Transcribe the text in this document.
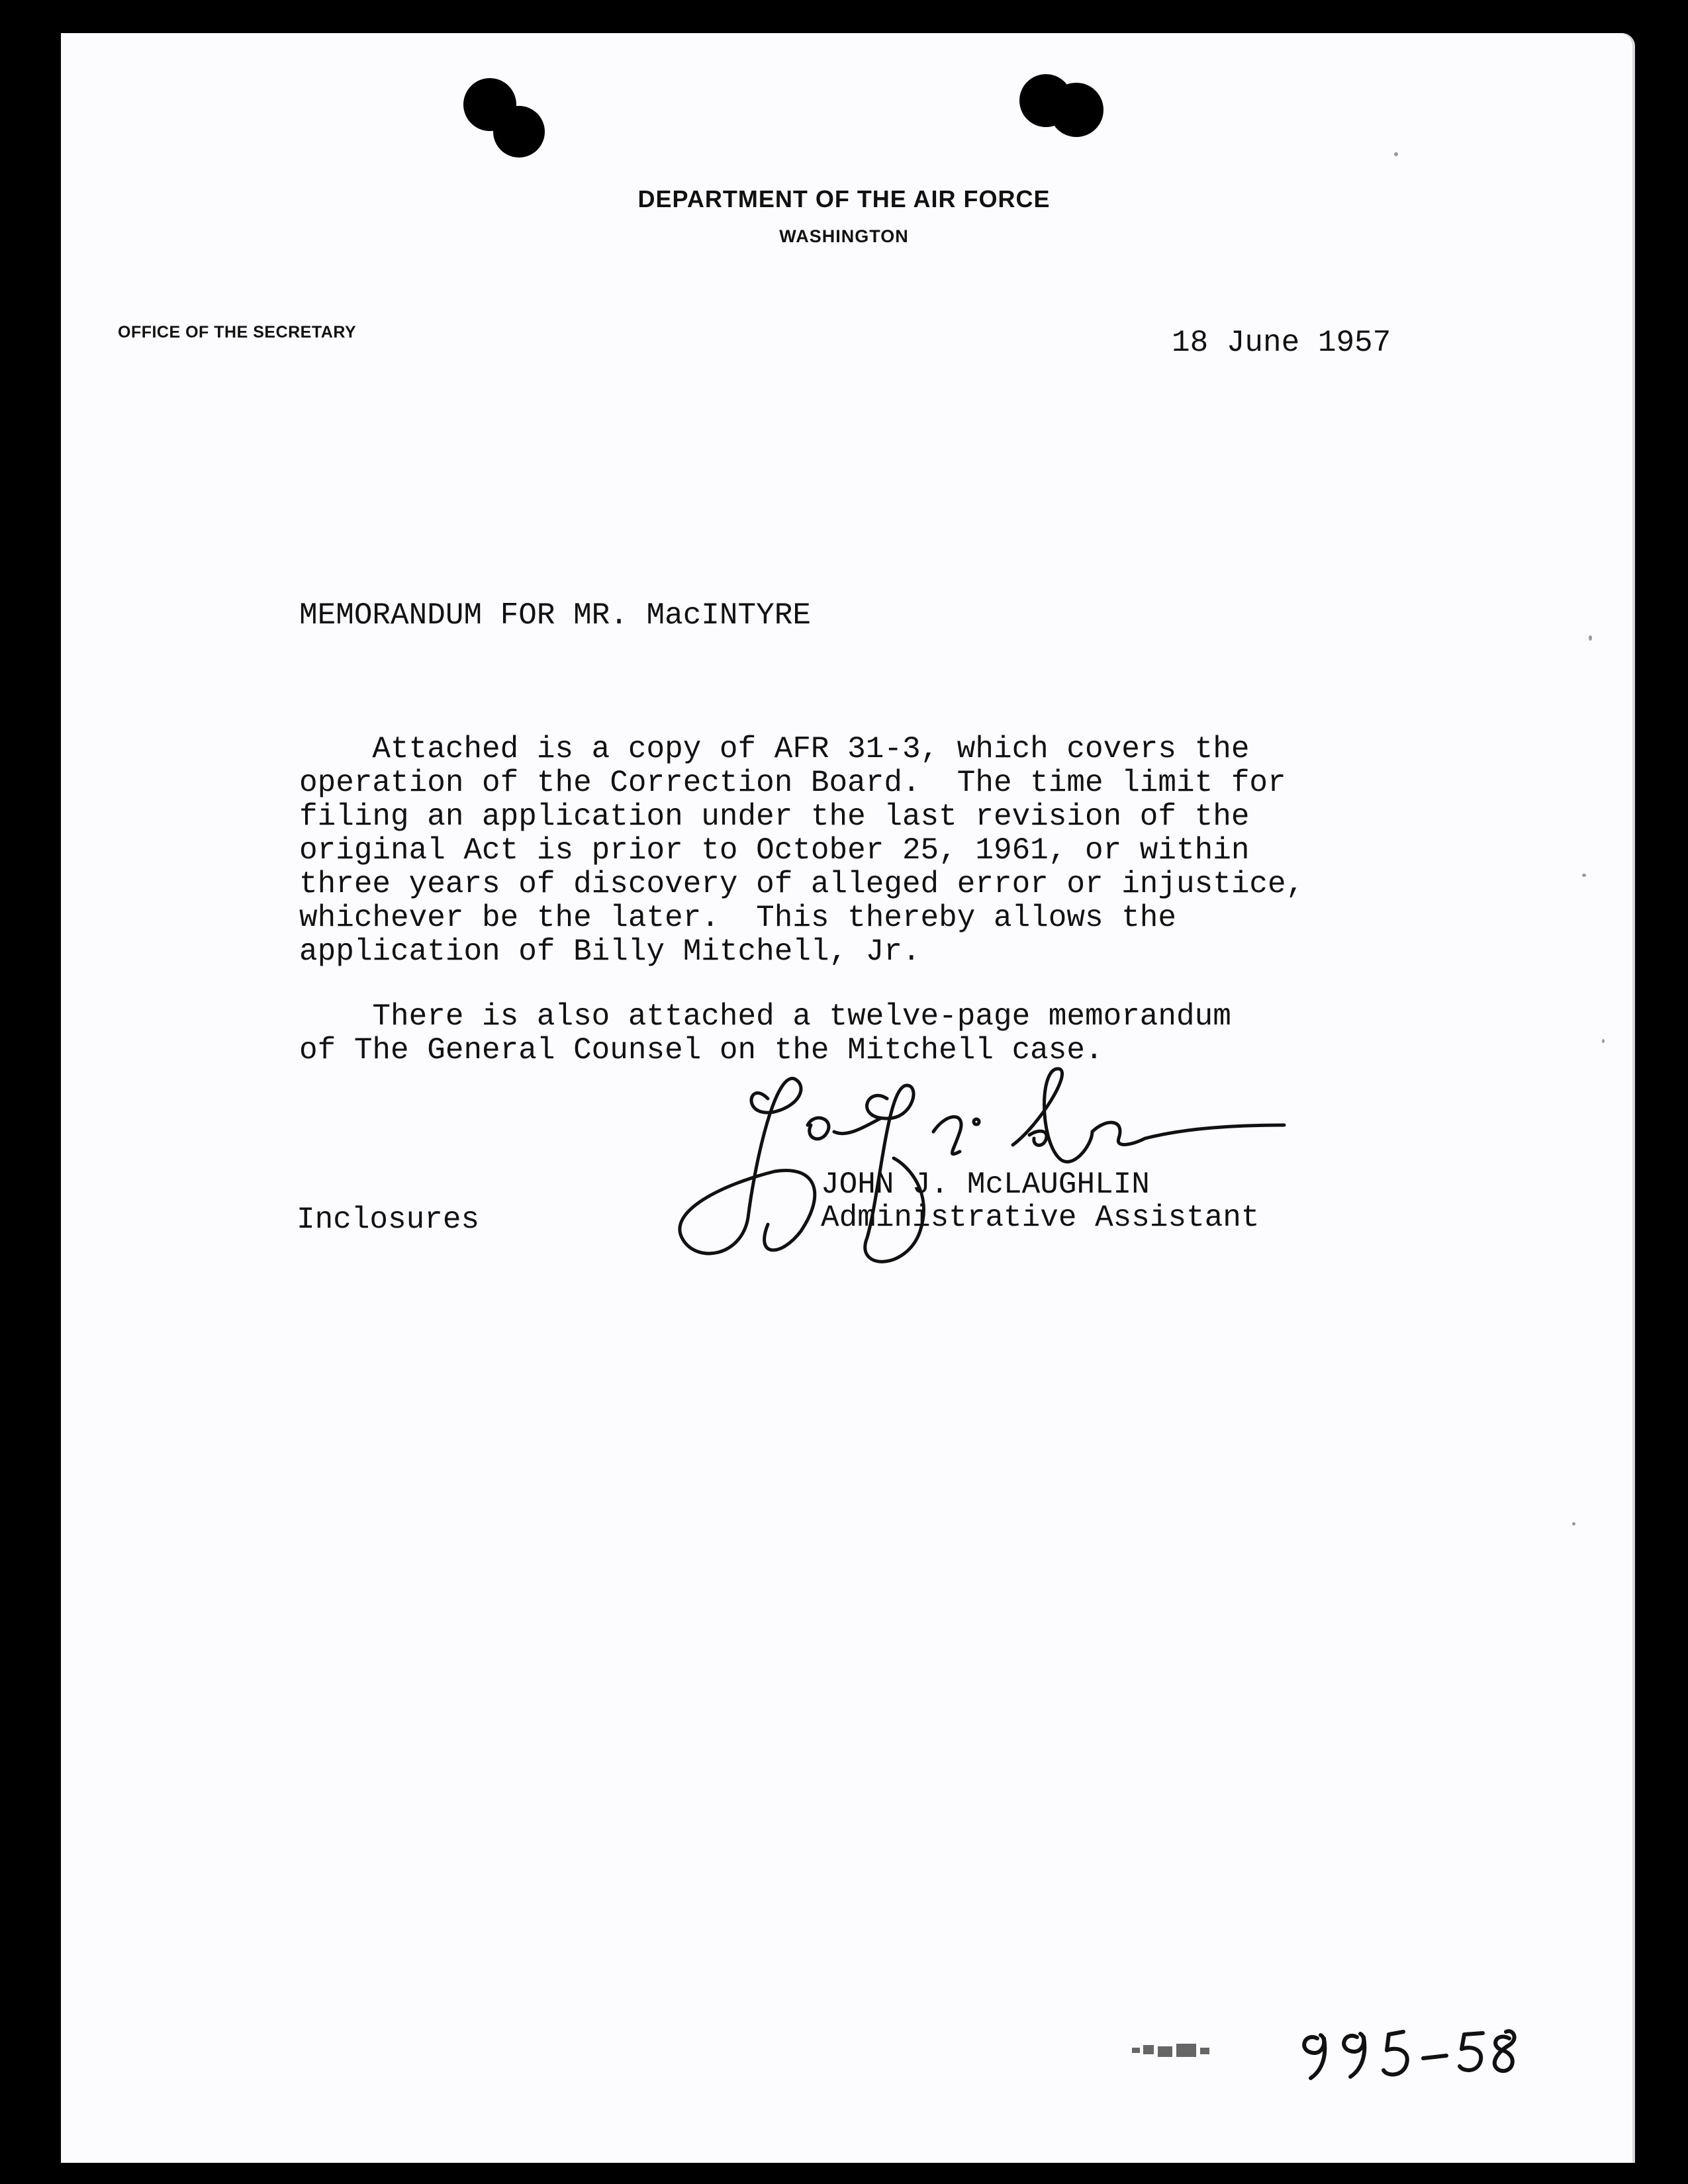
DEPARTMENT OF THE AIR FORCE
WASHINGTON
OFFICE OF THE SECRETARY	18 June 1957
MEMORANDUM FOR MR. MacINTYRE

Attached is a copy of AFR 31-3, which covers the
operation of the Correction Board.  The time limit for
filing an application under the last revision of the
original Act is prior to October 25, 1961, or within
three years of discovery of alleged error or injustice,
whichever be the later.  This thereby allows the
application of Billy Mitchell, Jr.

There is also attached a twelve-page memorandum
of The General Counsel on the Mitchell case.

Inclosures
JOHN J. McLAUGHLIN
Administrative Assistant
